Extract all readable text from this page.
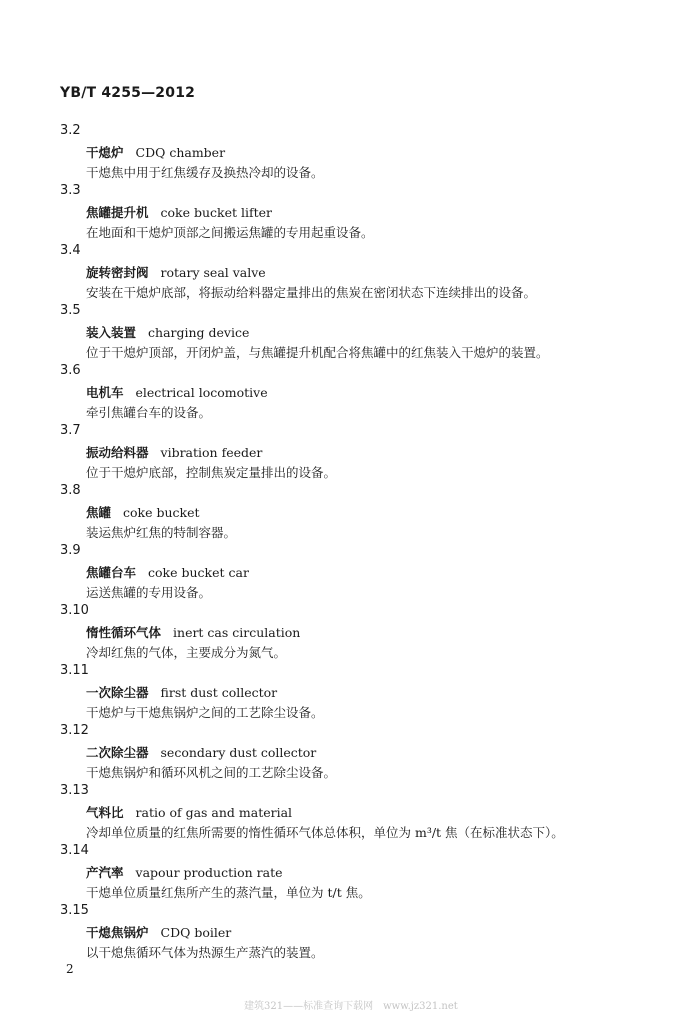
YB/T 4255—2012
3.2
干熄炉 CDQ chamber
干熄焦中用于红焦缓存及换热冷却的设备。
3.3
焦罐提升机 coke bucket lifter
在地面和干熄炉顶部之间搬运焦罐的专用起重设备。
3.4
旋转密封阀 rotary seal valve
安装在干熄炉底部，将振动给料器定量排出的焦炭在密闭状态下连续排出的设备。
3.5
装入装置 charging device
位于干熄炉顶部，开闭炉盖，与焦罐提升机配合将焦罐中的红焦装入干熄炉的装置。
3.6
电机车 electrical locomotive
牵引焦罐台车的设备。
3.7
振动给料器 vibration feeder
位于干熄炉底部，控制焦炭定量排出的设备。
3.8
焦罐 coke bucket
装运焦炉红焦的特制容器。
3.9
焦罐台车 coke bucket car
运送焦罐的专用设备。
3.10
惰性循环气体 inert cas circulation
冷却红焦的气体，主要成分为氮气。
3.11
一次除尘器 first dust collector
干熄炉与干熄焦锅炉之间的工艺除尘设备。
3.12
二次除尘器 secondary dust collector
干熄焦锅炉和循环风机之间的工艺除尘设备。
3.13
气料比 ratio of gas and material
冷却单位质量的红焦所需要的惰性循环气体总体积，单位为 m³/t 焦（在标准状态下）。
3.14
产汽率 vapour production rate
干熄单位质量红焦所产生的蒸汽量，单位为 t/t 焦。
3.15
干熄焦锅炉 CDQ boiler
以干熄焦循环气体为热源生产蒸汽的装置。
2
建筑321——标准查询下载网　www.jz321.net
